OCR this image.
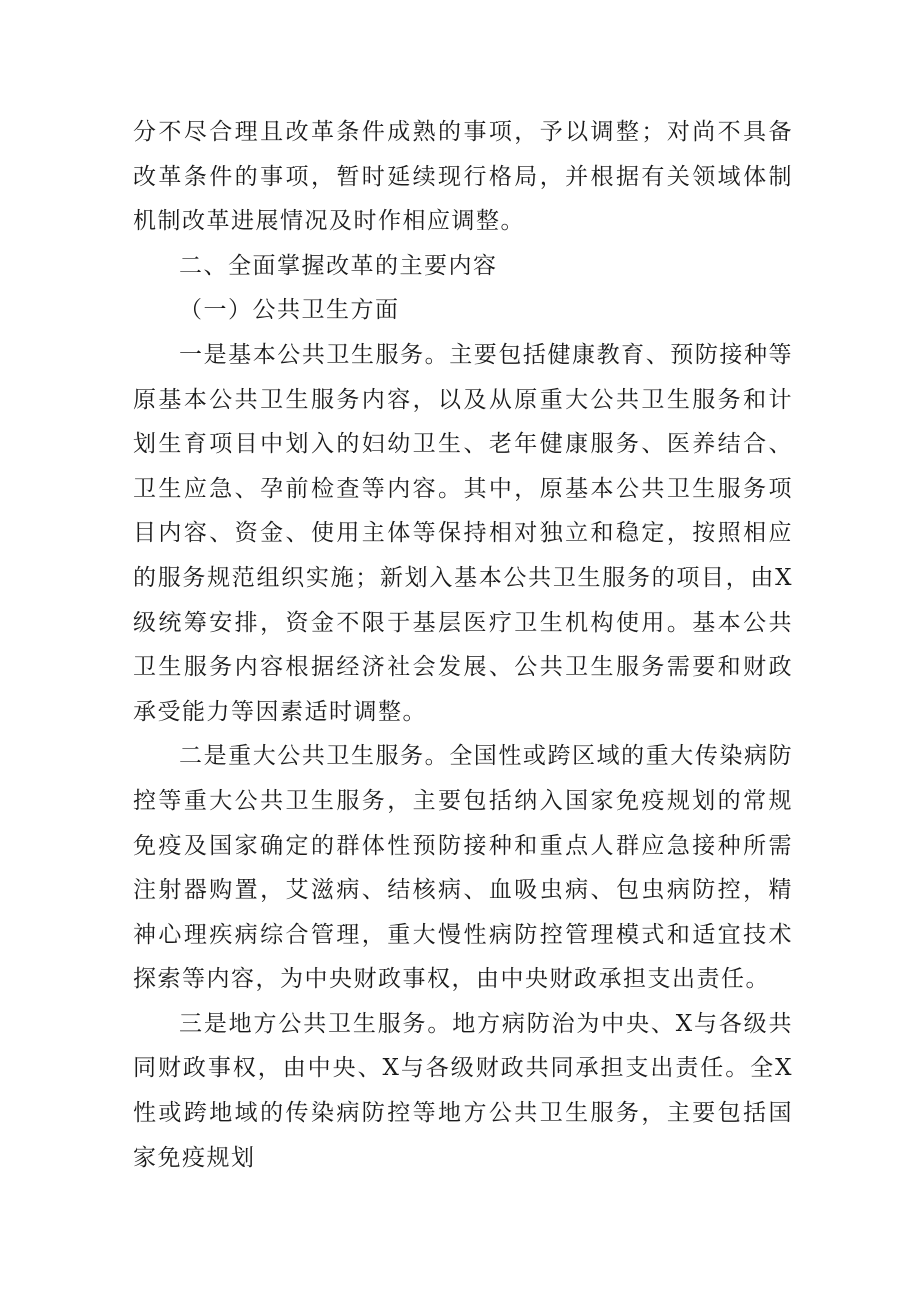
分不尽合理且改革条件成熟的事项，予以调整；对尚不具备改革条件的事项，暂时延续现行格局，并根据有关领域体制机制改革进展情况及时作相应调整。

二、全面掌握改革的主要内容

（一）公共卫生方面

一是基本公共卫生服务。主要包括健康教育、预防接种等原基本公共卫生服务内容，以及从原重大公共卫生服务和计划生育项目中划入的妇幼卫生、老年健康服务、医养结合、卫生应急、孕前检查等内容。其中，原基本公共卫生服务项目内容、资金、使用主体等保持相对独立和稳定，按照相应的服务规范组织实施；新划入基本公共卫生服务的项目，由X级统筹安排，资金不限于基层医疗卫生机构使用。基本公共卫生服务内容根据经济社会发展、公共卫生服务需要和财政承受能力等因素适时调整。

二是重大公共卫生服务。全国性或跨区域的重大传染病防控等重大公共卫生服务，主要包括纳入国家免疫规划的常规免疫及国家确定的群体性预防接种和重点人群应急接种所需注射器购置，艾滋病、结核病、血吸虫病、包虫病防控，精神心理疾病综合管理，重大慢性病防控管理模式和适宜技术探索等内容，为中央财政事权，由中央财政承担支出责任。

三是地方公共卫生服务。地方病防治为中央、X与各级共同财政事权，由中央、X与各级财政共同承担支出责任。全X性或跨地域的传染病防控等地方公共卫生服务，主要包括国家免疫规划
